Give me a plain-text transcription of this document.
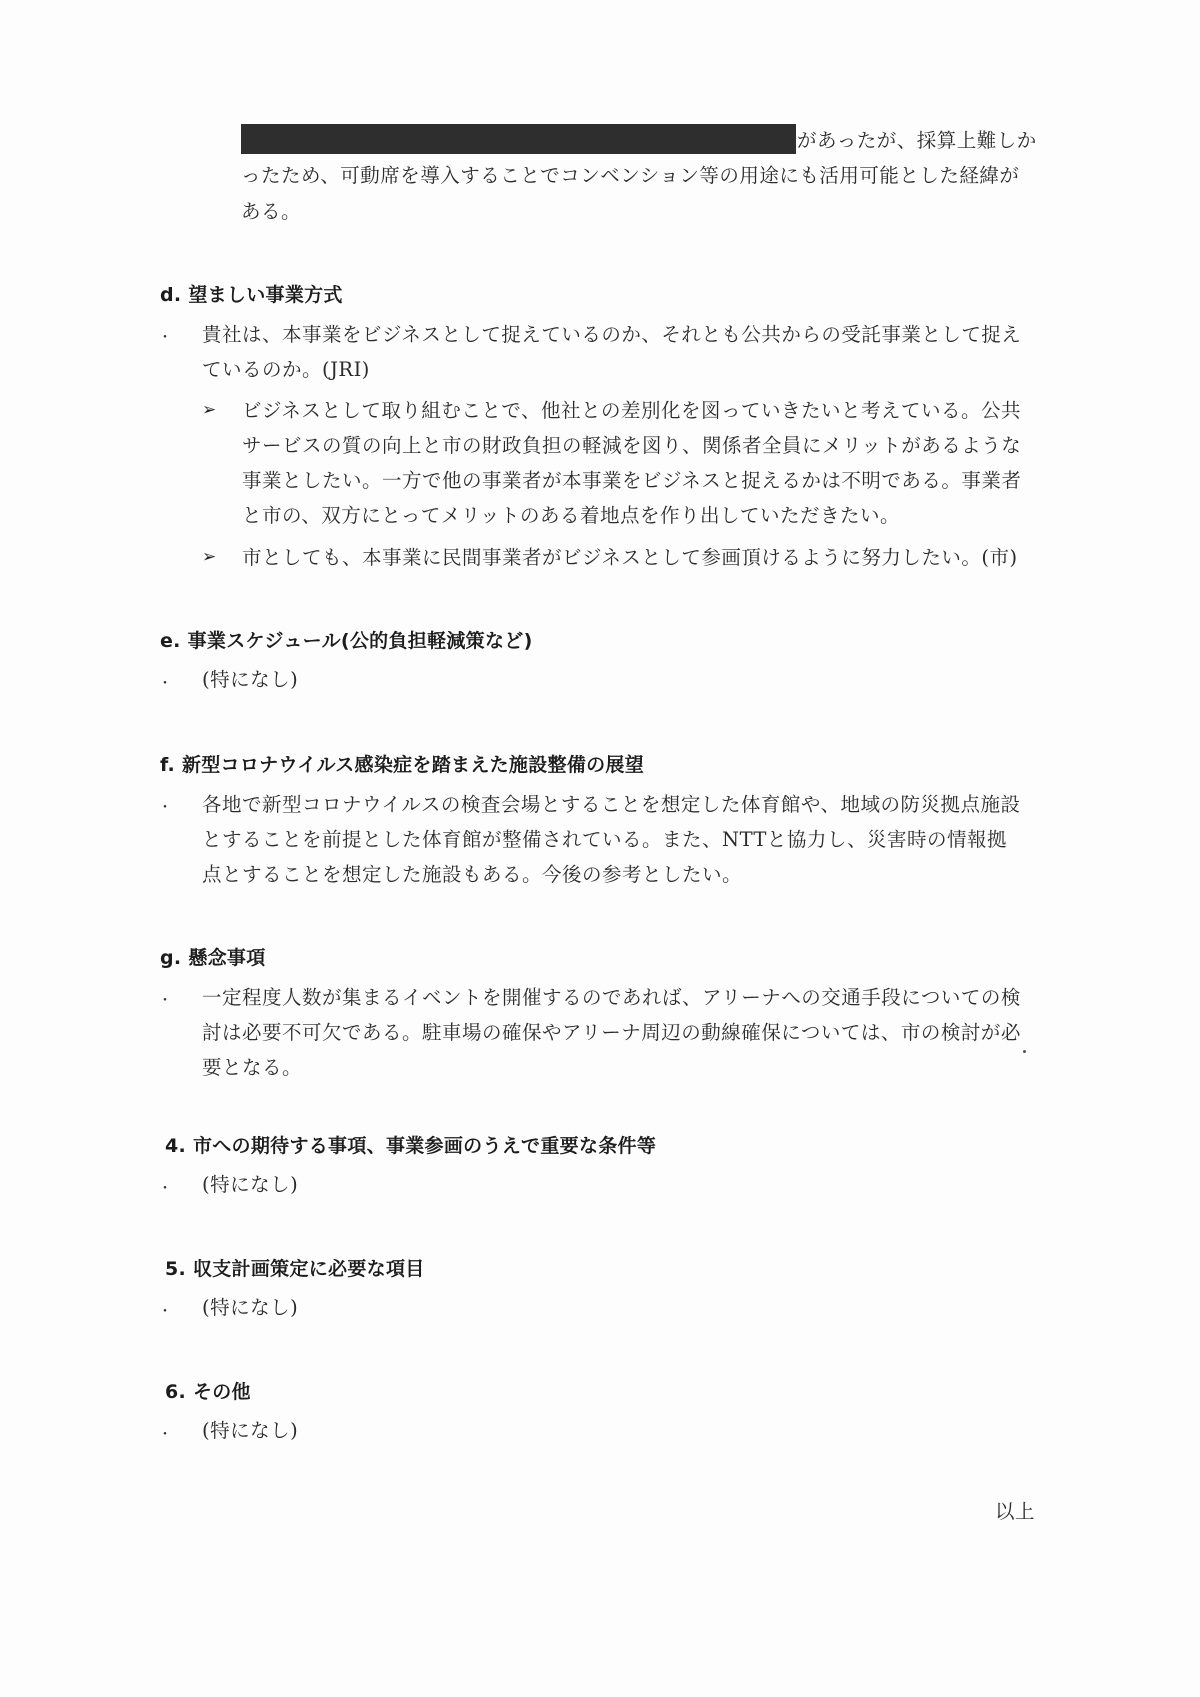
があったが、採算上難しか
ったため、可動席を導入することでコンベンション等の用途にも活用可能とした経緯が
ある。
d. 望ましい事業方式
・ 貴社は、本事業をビジネスとして捉えているのか、それとも公共からの受託事業として捉え
ているのか。(JRI)
➢ ビジネスとして取り組むことで、他社との差別化を図っていきたいと考えている。公共
サービスの質の向上と市の財政負担の軽減を図り、関係者全員にメリットがあるような
事業としたい。一方で他の事業者が本事業をビジネスと捉えるかは不明である。事業者
と市の、双方にとってメリットのある着地点を作り出していただきたい。
➢ 市としても、本事業に民間事業者がビジネスとして参画頂けるように努力したい。(市)
e. 事業スケジュール(公的負担軽減策など)
・ (特になし)
f. 新型コロナウイルス感染症を踏まえた施設整備の展望
・ 各地で新型コロナウイルスの検査会場とすることを想定した体育館や、地域の防災拠点施設
とすることを前提とした体育館が整備されている。また、NTTと協力し、災害時の情報拠
点とすることを想定した施設もある。今後の参考としたい。
g. 懸念事項
・ 一定程度人数が集まるイベントを開催するのであれば、アリーナへの交通手段についての検
討は必要不可欠である。駐車場の確保やアリーナ周辺の動線確保については、市の検討が必
要となる。
4. 市への期待する事項、事業参画のうえで重要な条件等
・ (特になし)
5. 収支計画策定に必要な項目
・ (特になし)
6. その他
・ (特になし)
以上
